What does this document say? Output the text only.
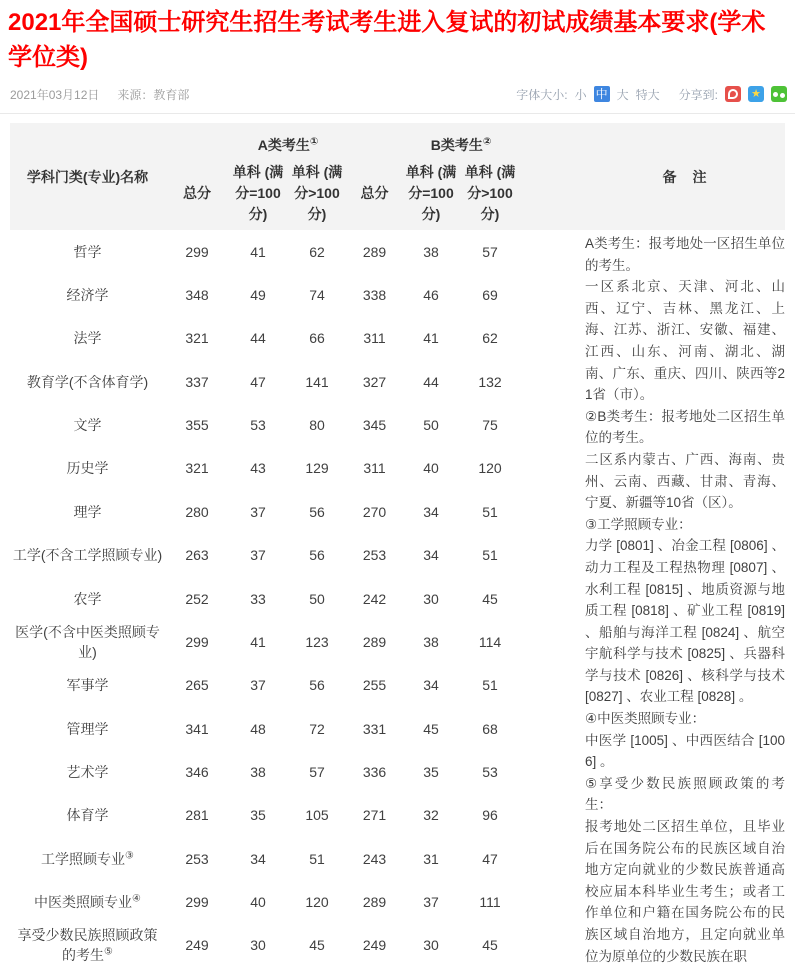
2021年全国硕士研究生招生考试考生进入复试的初试成绩基本要求(学术学位类)
2021年03月12日 来源：教育部	字体大小: 小 中 大 特大 分享到:
★
学科门类(专业)名称	A类考生①			B类考生②			备　注
	总分	单科 (满分=100分)	单科 (满分>100分)	总分	单科 (满分=100分)	单科 (满分>100分)	
哲学	299	41	62	289	38	57	

A类考生：报考地处一区招生单位的考生。

一区系北京、天津、河北、山西、辽宁、吉林、黑龙江、上海、江苏、浙江、安徽、福建、江西、山东、河南、湖北、湖南、广东、重庆、四川、陕西等21省（市）。

②B类考生：报考地处二区招生单位的考生。

二区系内蒙古、广西、海南、贵州、云南、西藏、甘肃、青海、宁夏、新疆等10省（区）。

③工学照顾专业：

力学 [0801] 、冶金工程 [0806] 、动力工程及工程热物理 [0807] 、水利工程 [0815] 、地质资源与地质工程 [0818] 、矿业工程 [0819] 、船舶与海洋工程 [0824] 、航空宇航科学与技术 [0825] 、兵器科学与技术 [0826] 、核科学与技术 [0827] 、农业工程 [0828] 。

④中医类照顾专业：

中医学 [1005] 、中西医结合 [1006] 。

⑤享受少数民族照顾政策的考生：

报考地处二区招生单位，且毕业后在国务院公布的民族区域自治地方定向就业的少数民族普通高校应届本科毕业生考生；或者工作单位和户籍在国务院公布的民族区域自治地方，且定向就业单位为原单位的少数民族在职

经济学	348	49	74	338	46	69	
法学	321	44	66	311	41	62	
教育学(不含体育学)	337	47	141	327	44	132	
文学	355	53	80	345	50	75	
历史学	321	43	129	311	40	120	
理学	280	37	56	270	34	51	
工学(不含工学照顾专业)	263	37	56	253	34	51	
农学	252	33	50	242	30	45	
医学(不含中医类照顾专业)	299	41	123	289	38	114	
军事学	265	37	56	255	34	51	
管理学	341	48	72	331	45	68	
艺术学	346	38	57	336	35	53	
体育学	281	35	105	271	32	96	
工学照顾专业③	253	34	51	243	31	47	
中医类照顾专业④	299	40	120	289	37	111	
享受少数民族照顾政策的考生⑤	249	30	45	249	30	45	
